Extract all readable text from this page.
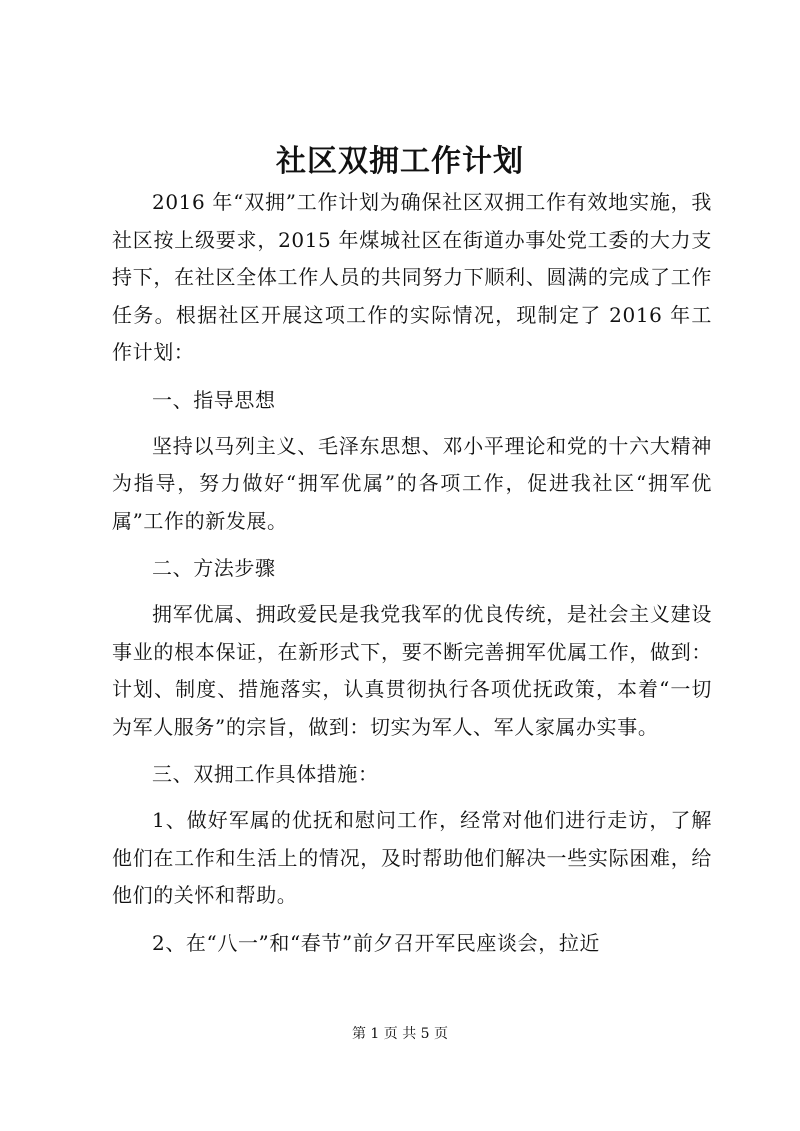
社区双拥工作计划

2016 年“双拥”工作计划为确保社区双拥工作有效地实施，我社区按上级要求，2015 年煤城社区在街道办事处党工委的大力支持下，在社区全体工作人员的共同努力下顺利、圆满的完成了工作任务。根据社区开展这项工作的实际情况，现制定了 2016 年工作计划：

一、指导思想

坚持以马列主义、毛泽东思想、邓小平理论和党的十六大精神为指导，努力做好“拥军优属”的各项工作，促进我社区“拥军优属”工作的新发展。

二、方法步骤

拥军优属、拥政爱民是我党我军的优良传统，是社会主义建设事业的根本保证，在新形式下，要不断完善拥军优属工作，做到：计划、制度、措施落实，认真贯彻执行各项优抚政策，本着“一切为军人服务”的宗旨，做到：切实为军人、军人家属办实事。

三、双拥工作具体措施：

1、做好军属的优抚和慰问工作，经常对他们进行走访，了解他们在工作和生活上的情况，及时帮助他们解决一些实际困难，给他们的关怀和帮助。

2、在“八一”和“春节”前夕召开军民座谈会，拉近

第 1 页 共 5 页
